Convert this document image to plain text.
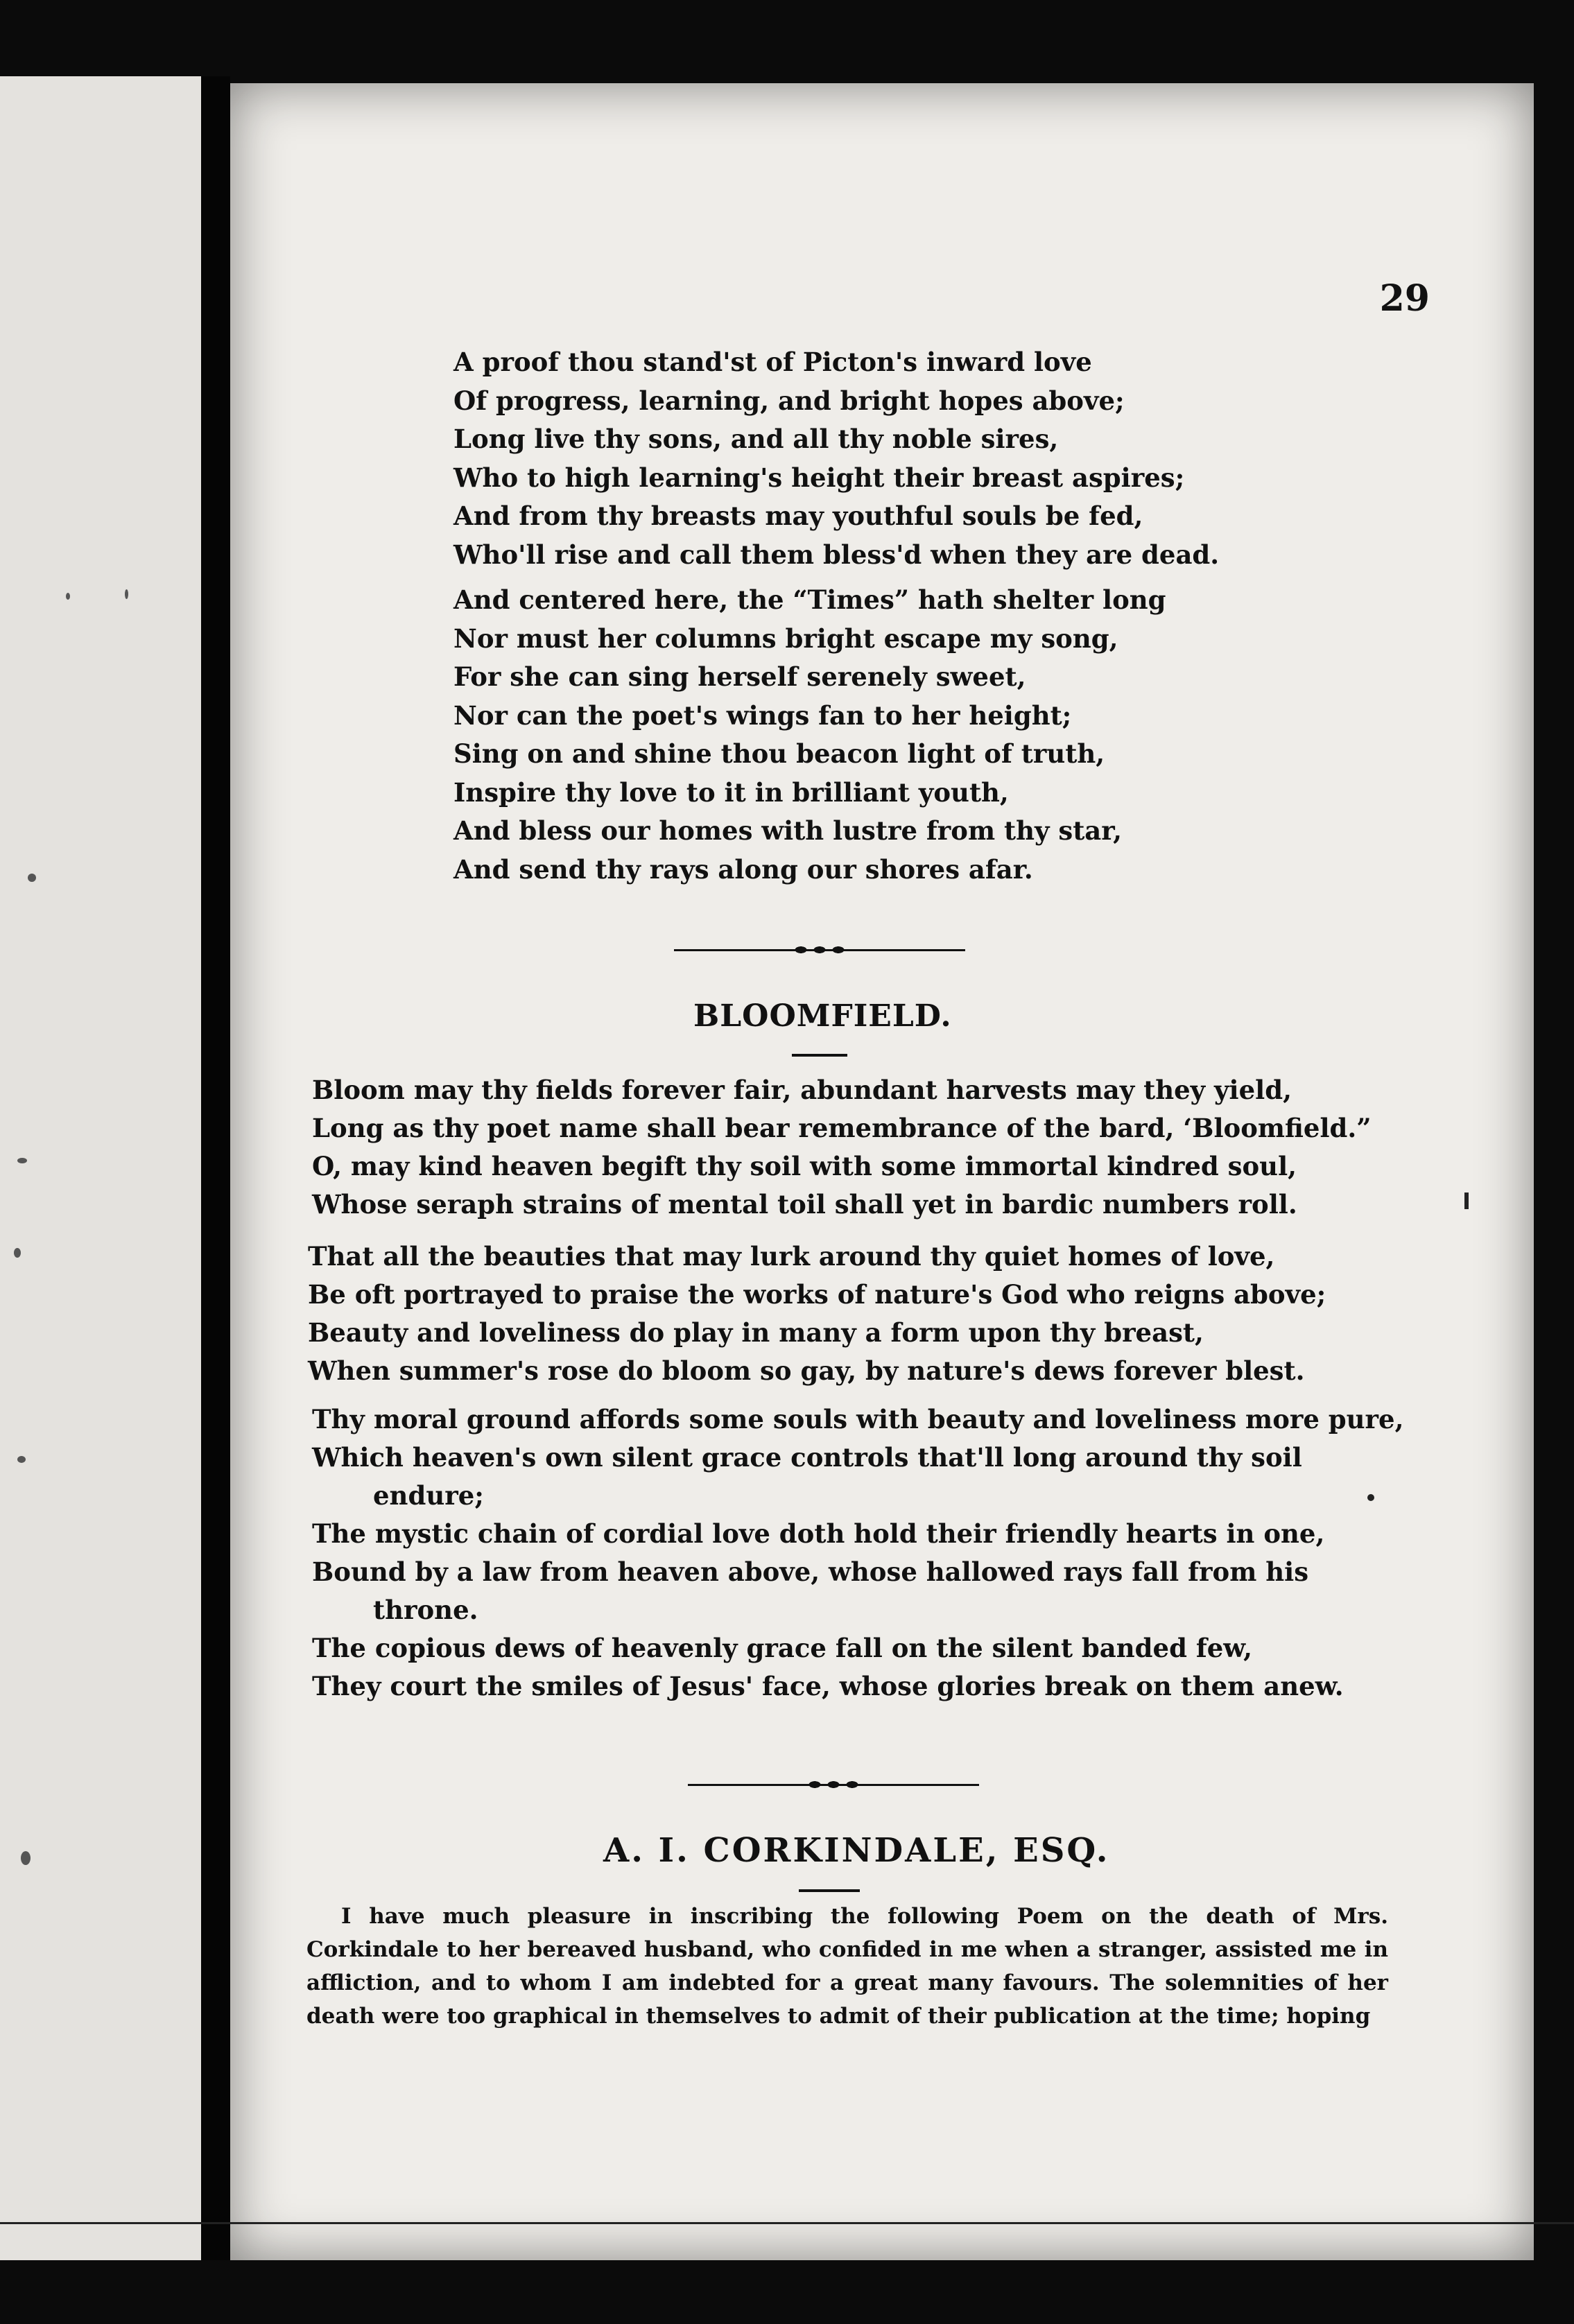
29
A proof thou stand'st of Picton's inward love
Of progress, learning, and bright hopes above;
Long live thy sons, and all thy noble sires,
Who to high learning's height their breast aspires;
And from thy breasts may youthful souls be fed,
Who'll rise and call them bless'd when they are dead.
And centered here, the “Times” hath shelter long
Nor must her columns bright escape my song,
For she can sing herself serenely sweet,
Nor can the poet's wings fan to her height;
Sing on and shine thou beacon light of truth,
Inspire thy love to it in brilliant youth,
And bless our homes with lustre from thy star,
And send thy rays along our shores afar.
BLOOMFIELD.
Bloom may thy fields forever fair, abundant harvests may they yield,
Long as thy poet name shall bear remembrance of the bard, ‘Bloomfield.”
O, may kind heaven begift thy soil with some immortal kindred soul,
Whose seraph strains of mental toil shall yet in bardic numbers roll.
That all the beauties that may lurk around thy quiet homes of love,
Be oft portrayed to praise the works of nature's God who reigns above;
Beauty and loveliness do play in many a form upon thy breast,
When summer's rose do bloom so gay, by nature's dews forever blest.
Thy moral ground affords some souls with beauty and loveliness more pure,
Which heaven's own silent grace controls that'll long around thy soil
endure;
The mystic chain of cordial love doth hold their friendly hearts in one,
Bound by a law from heaven above, whose hallowed rays fall from his
throne.
The copious dews of heavenly grace fall on the silent banded few,
They court the smiles of Jesus' face, whose glories break on them anew.
A. I. CORKINDALE, ESQ.

I have much pleasure in inscribing the following Poem on the death of Mrs. Corkindale to her bereaved husband, who confided in me when a stranger, assisted me in affliction, and to whom I am indebted for a great many favours. The solemnities of her death were too graphical in themselves to admit of their publication at the time; hoping
